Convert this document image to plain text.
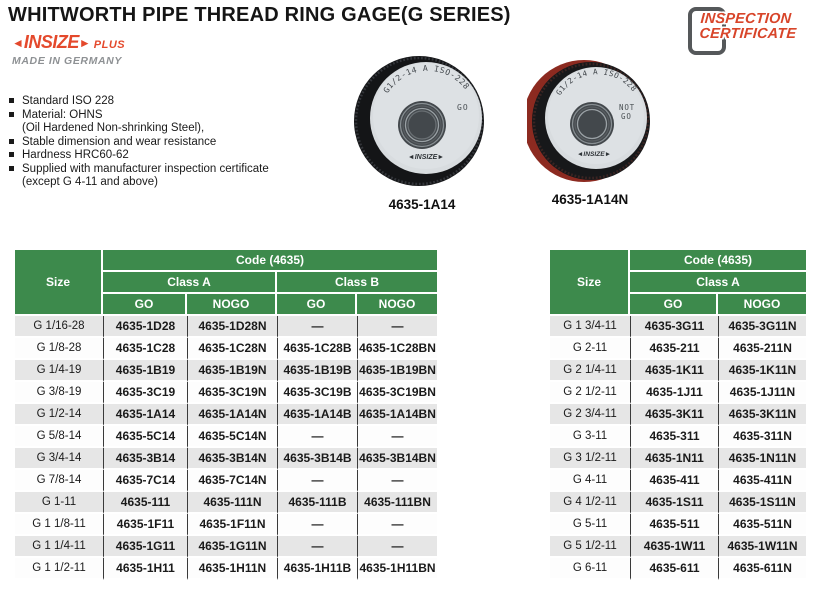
WHITWORTH PIPE THREAD RING GAGE(G SERIES)
◄INSIZE► PLUS
MADE IN GERMANY
INSPECTION
CERTIFICATE
Standard ISO 228
Material: OHNS
(Oil Hardened Non-shrinking Steel),
Stable dimension and wear resistance
Hardness HRC60-62
Supplied with manufacturer inspection certificate
(except G 4-11 and above)
G1/2-14 A ISO-228
GO
◄INSIZE►
4635-1A14
G1/2-14 A ISO-228
NOT GO
◄INSIZE►
4635-1A14N
Size	Code (4635)			
	Class A		Class B	
	GO	NOGO	GO	NOGO
G 1/16-28	4635-1D28	4635-1D28N	—	—
G 1/8-28	4635-1C28	4635-1C28N	4635-1C28B	4635-1C28BN
G 1/4-19	4635-1B19	4635-1B19N	4635-1B19B	4635-1B19BN
G 3/8-19	4635-3C19	4635-3C19N	4635-3C19B	4635-3C19BN
G 1/2-14	4635-1A14	4635-1A14N	4635-1A14B	4635-1A14BN
G 5/8-14	4635-5C14	4635-5C14N	—	—
G 3/4-14	4635-3B14	4635-3B14N	4635-3B14B	4635-3B14BN
G 7/8-14	4635-7C14	4635-7C14N	—	—
G 1-11	4635-111	4635-111N	4635-111B	4635-111BN
G 1 1/8-11	4635-1F11	4635-1F11N	—	—
G 1 1/4-11	4635-1G11	4635-1G11N	—	—
G 1 1/2-11	4635-1H11	4635-1H11N	4635-1H11B	4635-1H11BN
Size	Code (4635)	
	Class A	
	GO	NOGO
G 1 3/4-11	4635-3G11	4635-3G11N
G 2-11	4635-211	4635-211N
G 2 1/4-11	4635-1K11	4635-1K11N
G 2 1/2-11	4635-1J11	4635-1J11N
G 2 3/4-11	4635-3K11	4635-3K11N
G 3-11	4635-311	4635-311N
G 3 1/2-11	4635-1N11	4635-1N11N
G 4-11	4635-411	4635-411N
G 4 1/2-11	4635-1S11	4635-1S11N
G 5-11	4635-511	4635-511N
G 5 1/2-11	4635-1W11	4635-1W11N
G 6-11	4635-611	4635-611N
